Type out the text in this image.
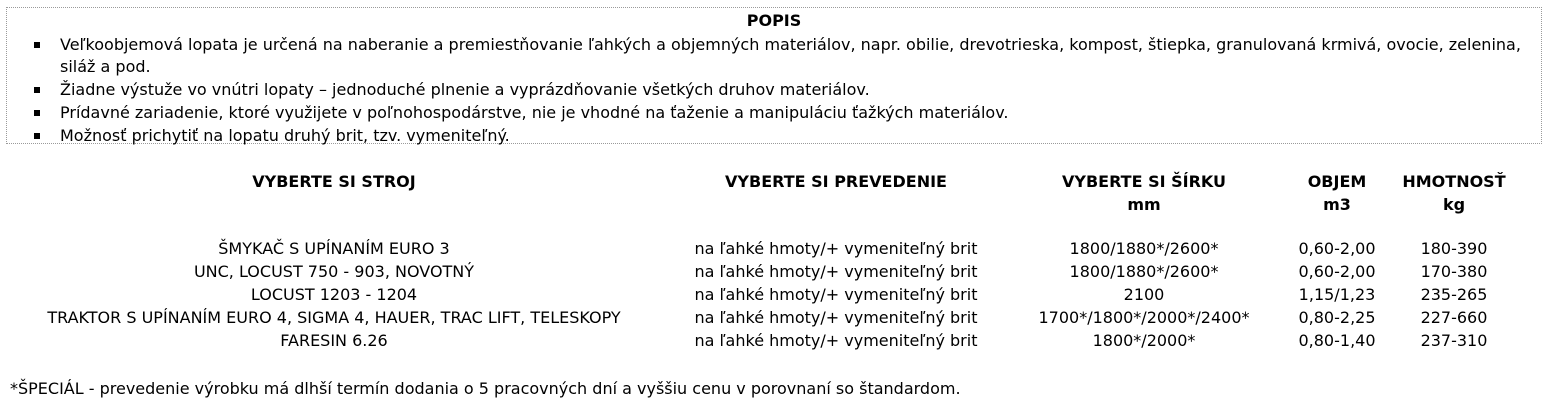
POPIS
Veľkoobjemová lopata je určená na naberanie a premiestňovanie ľahkých a objemných materiálov, napr. obilie, drevotrieska, kompost, štiepka, granulovaná krmivá, ovocie, zelenina, siláž a pod.
Žiadne výstuže vo vnútri lopaty – jednoduché plnenie a vyprázdňovanie všetkých druhov materiálov.
Prídavné zariadenie, ktoré využijete v poľnohospodárstve, nie je vhodné na ťaženie a manipuláciu ťažkých materiálov.
Možnosť prichytiť na lopatu druhý brit, tzv. vymeniteľný.
VYBERTE SI STROJ	VYBERTE SI PREVEDENIE	VYBERTE SI ŠÍRKU
mm
OBJEM
m3
HMOTNOSŤ
kg
ŠMYKAČ S UPÍNANÍM EURO 3
UNC, LOCUST 750 - 903, NOVOTNÝ
LOCUST 1203 - 1204
TRAKTOR S UPÍNANÍM EURO 4, SIGMA 4, HAUER, TRAC LIFT, TELESKOPY
FARESIN 6.26
na ľahké hmoty/+ vymeniteľný brit
na ľahké hmoty/+ vymeniteľný brit
na ľahké hmoty/+ vymeniteľný brit
na ľahké hmoty/+ vymeniteľný brit
na ľahké hmoty/+ vymeniteľný brit
1800/1880*/2600*
1800/1880*/2600*
2100
1700*/1800*/2000*/2400*
1800*/2000*
0,60-2,00
0,60-2,00
1,15/1,23
0,80-2,25
0,80-1,40
180-390
170-380
235-265
227-660
237-310
*ŠPECIÁL - prevedenie výrobku má dlhší termín dodania o 5 pracovných dní a vyššiu cenu v porovnaní so štandardom.
